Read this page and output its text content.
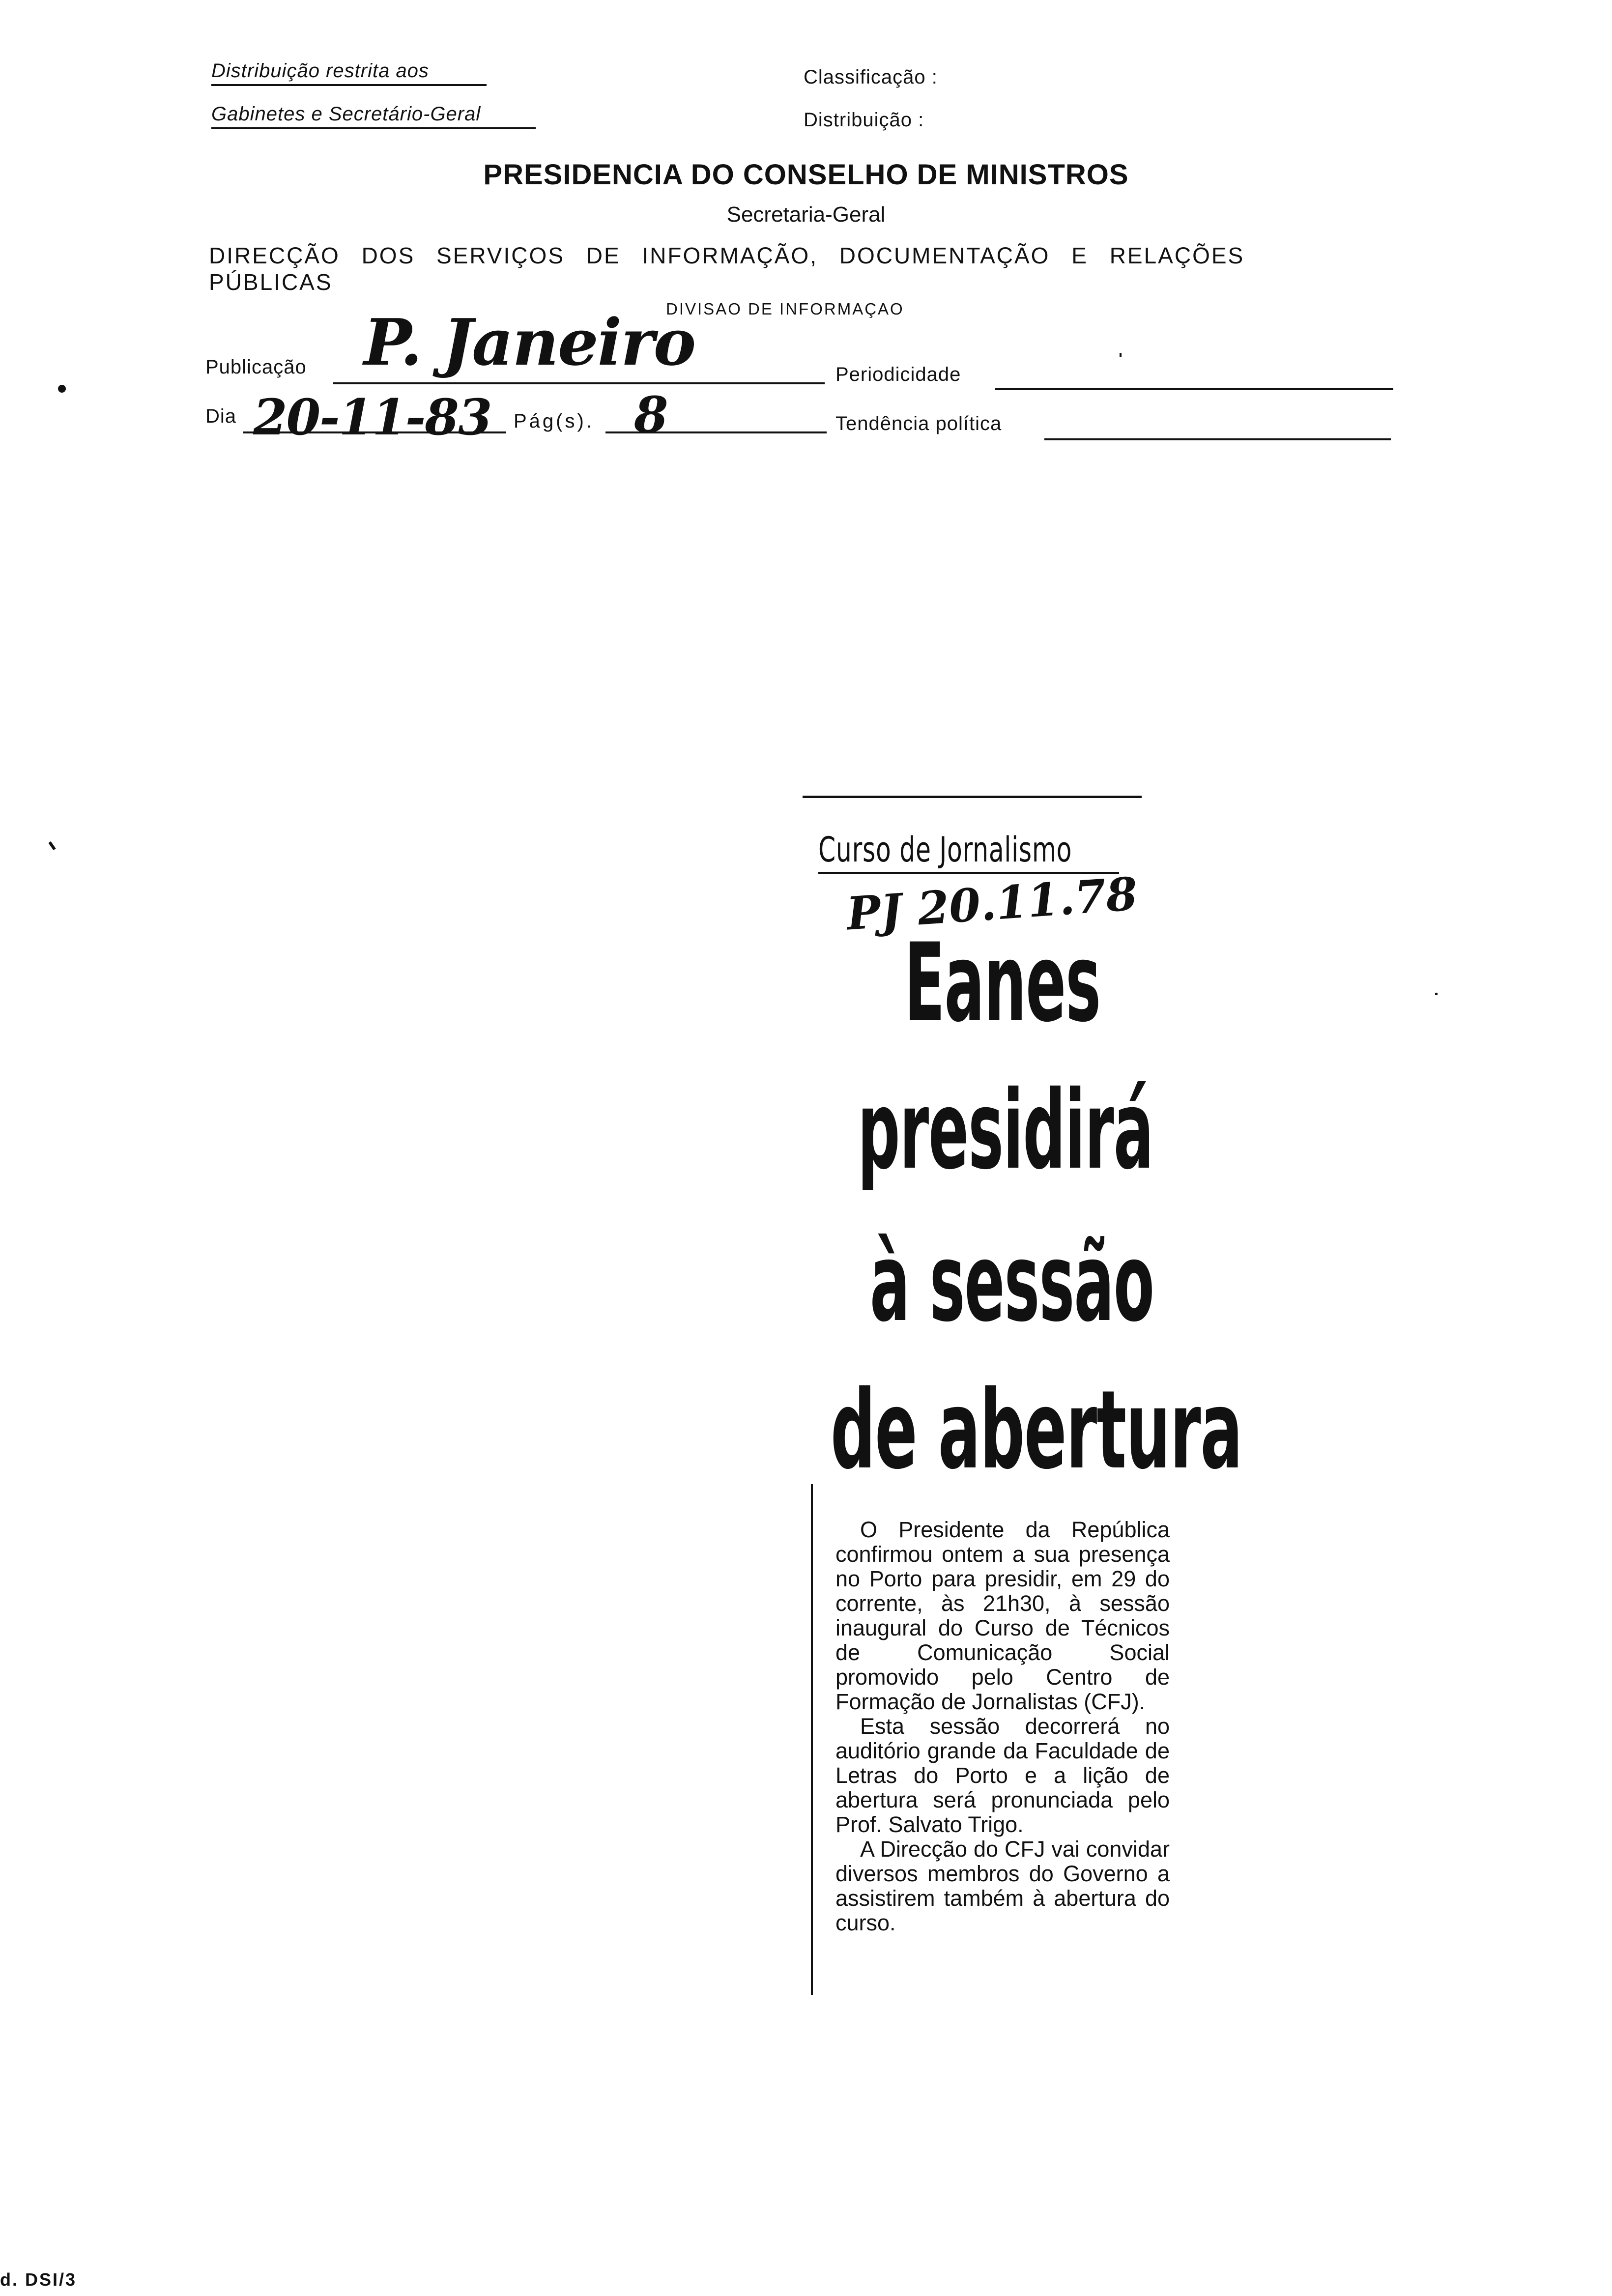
Distribuição restrita aos
Gabinetes e Secretário-Geral
Classificação :
Distribuição :
PRESIDENCIA DO CONSELHO DE MINISTROS
Secretaria-Geral
DIRECÇÃO DOS SERVIÇOS DE INFORMAÇÃO, DOCUMENTAÇÃO E RELAÇÕES PÚBLICAS
DIVISAO DE INFORMAÇAO
Publicação P. Janeiro	Periodicidade
Dia 20-11-83 Pág(s). 8	Tendência política
Curso de Jornalismo
PJ 20.11.78
Eanes
presidirá
à sessão
de abertura

O Presidente da República confirmou ontem a sua presença no Porto para presidir, em 29 do corrente, às 21h30, à sessão inaugural do Curso de Técnicos de Comunicação Social promovido pelo Centro de Formação de Jornalistas (CFJ).

Esta sessão decorrerá no auditório grande da Faculdade de Letras do Porto e a lição de abertura será pronunciada pelo Prof. Salvato Trigo.

A Direcção do CFJ vai convidar diversos membros do Governo a assistirem também à abertura do curso.

d. DSI/3
